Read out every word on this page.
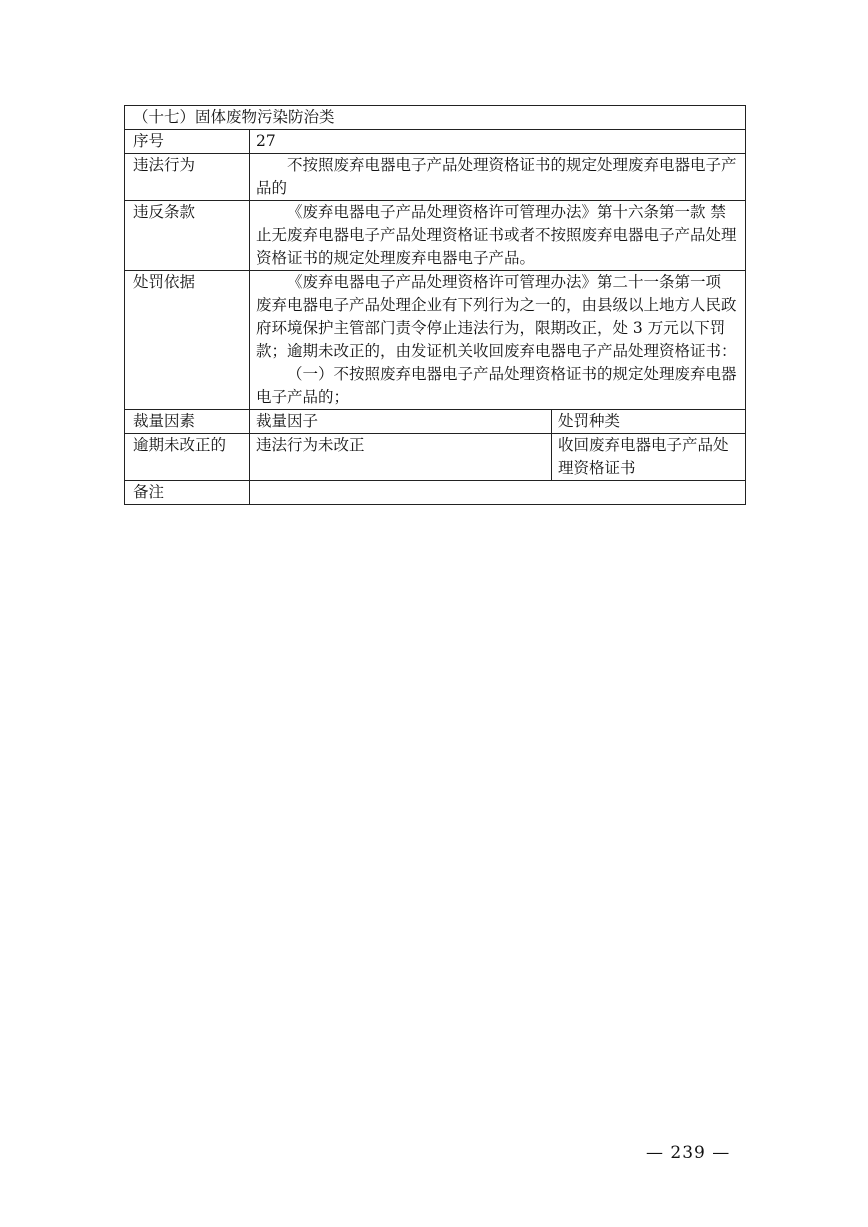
（十七）固体废物污染防治类		
序号	27	
违法行为	不按照废弃电器电子产品处理资格证书的规定处理废弃电器电子产品的	

违反条款	《废弃电器电子产品处理资格许可管理办法》第十六条第一款 禁止无废弃电器电子产品处理资格证书或者不按照废弃电器电子产品处理资格证书的规定处理废弃电器电子产品。	

处罚依据	《废弃电器电子产品处理资格许可管理办法》第二十一条第一项 废弃电器电子产品处理企业有下列行为之一的，由县级以上地方人民政府环境保护主管部门责令停止违法行为，限期改正，处 3 万元以下罚款；逾期未改正的，由发证机关收回废弃电器电子产品处理资格证书：

（一）不按照废弃电器电子产品处理资格证书的规定处理废弃电器电子产品的；	

裁量因素	裁量因子	处罚种类
逾期未改正的	违法行为未改正	收回废弃电器电子产品处理资格证书
备注		
— 239 —
